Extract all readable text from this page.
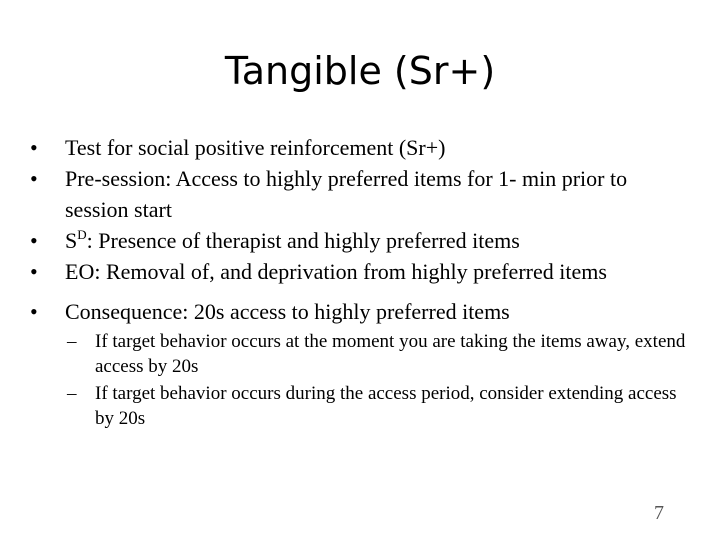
Tangible (Sr+)
•	Test for social positive reinforcement (Sr+)
•	Pre-session: Access to highly preferred items for 1- min prior to session start
•	$S^D$: Presence of therapist and highly preferred items
•	EO: Removal of, and deprivation from highly preferred items
•	Consequence: 20s access to highly preferred items
– If target behavior occurs at the moment you are taking the items away, extend access by 20s
– If target behavior occurs during the access period, consider extending access by 20s
7
